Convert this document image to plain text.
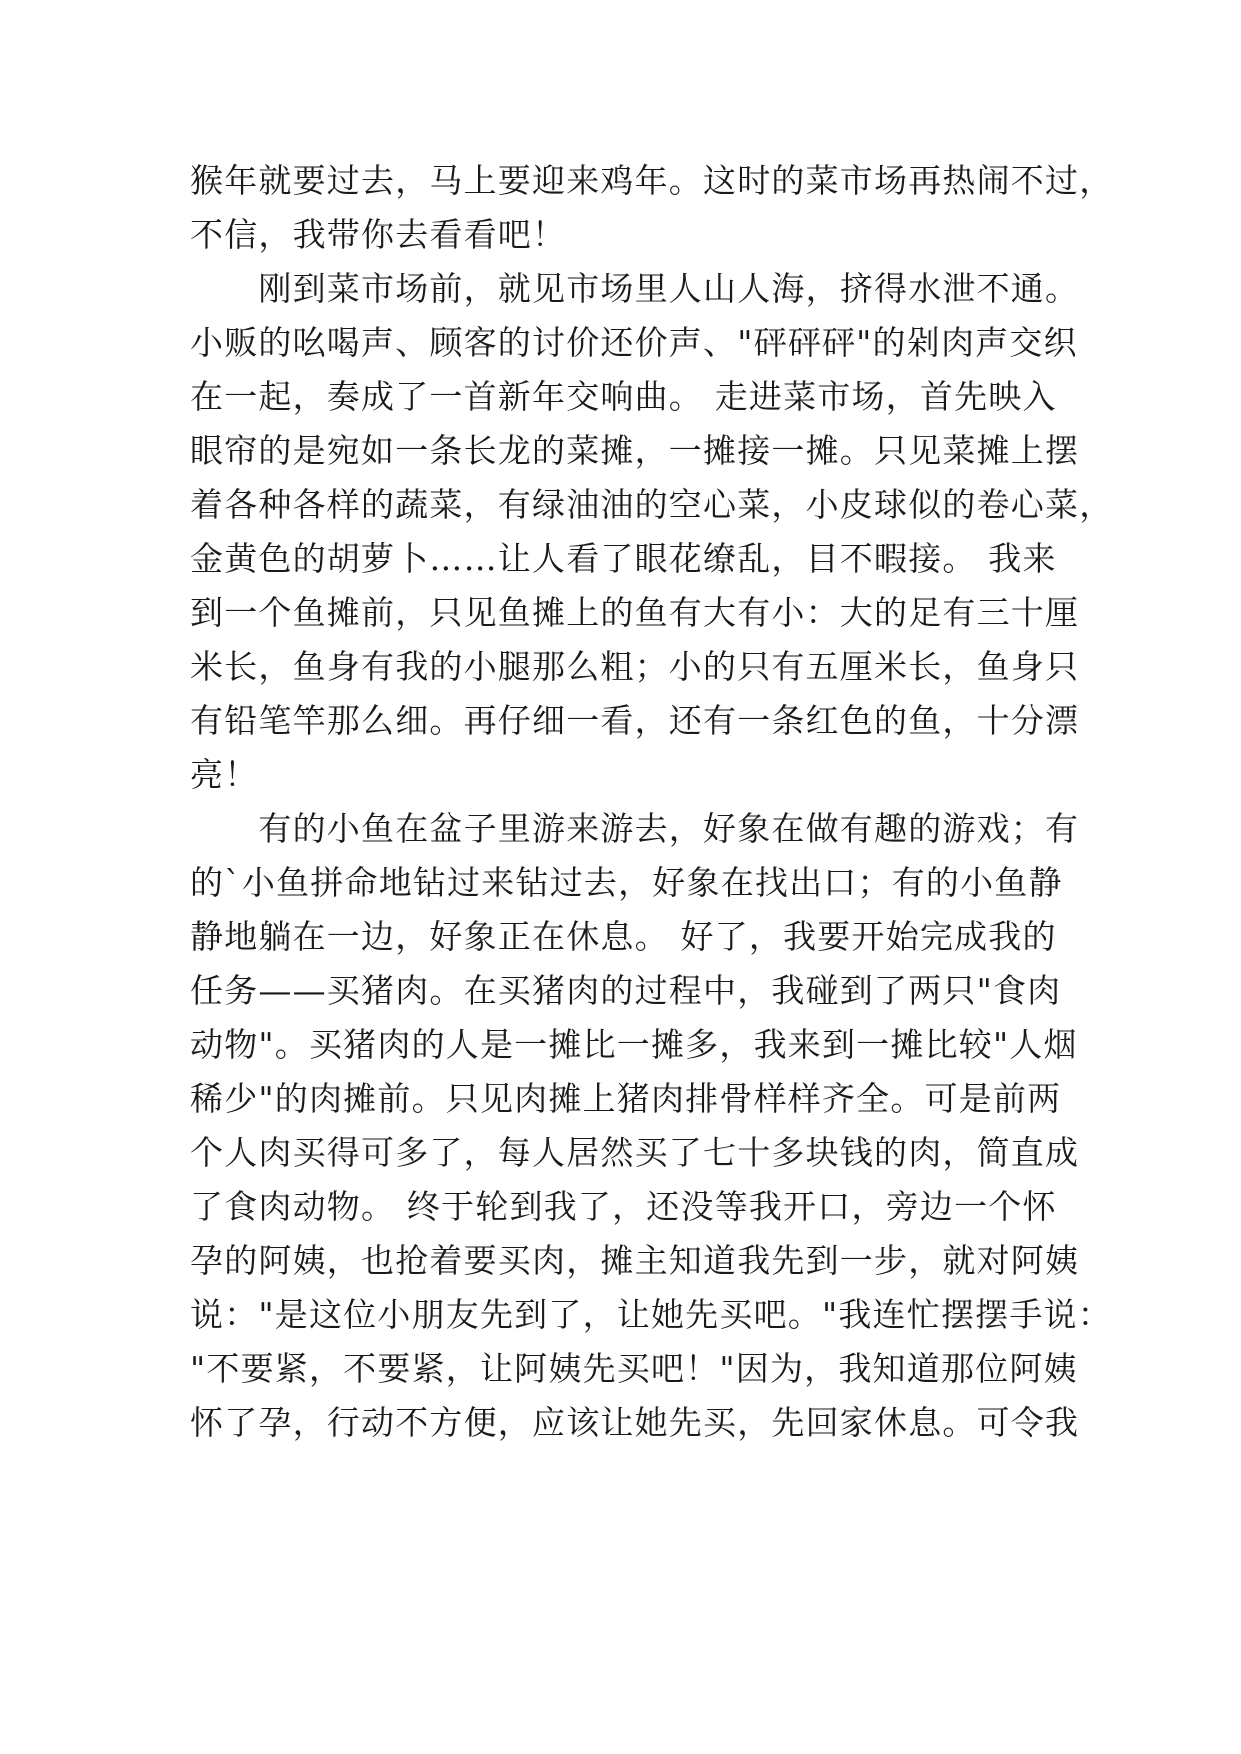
猴年就要过去，马上要迎来鸡年。这时的菜市场再热闹不过，
不信，我带你去看看吧！
　　刚到菜市场前，就见市场里人山人海，挤得水泄不通。
小贩的吆喝声、顾客的讨价还价声、"砰砰砰"的剁肉声交织
在一起，奏成了一首新年交响曲。 走进菜市场，首先映入
眼帘的是宛如一条长龙的菜摊，一摊接一摊。只见菜摊上摆
着各种各样的蔬菜，有绿油油的空心菜，小皮球似的卷心菜，
金黄色的胡萝卜……让人看了眼花缭乱，目不暇接。 我来
到一个鱼摊前，只见鱼摊上的鱼有大有小：大的足有三十厘
米长，鱼身有我的小腿那么粗；小的只有五厘米长，鱼身只
有铅笔竿那么细。再仔细一看，还有一条红色的鱼，十分漂
亮！
　　有的小鱼在盆子里游来游去，好象在做有趣的游戏；有
的`小鱼拼命地钻过来钻过去，好象在找出口；有的小鱼静
静地躺在一边，好象正在休息。 好了，我要开始完成我的
任务——买猪肉。在买猪肉的过程中，我碰到了两只"食肉
动物"。买猪肉的人是一摊比一摊多，我来到一摊比较"人烟
稀少"的肉摊前。只见肉摊上猪肉排骨样样齐全。可是前两
个人肉买得可多了，每人居然买了七十多块钱的肉，简直成
了食肉动物。 终于轮到我了，还没等我开口，旁边一个怀
孕的阿姨，也抢着要买肉，摊主知道我先到一步，就对阿姨
说："是这位小朋友先到了，让她先买吧。"我连忙摆摆手说：
"不要紧，不要紧，让阿姨先买吧！"因为，我知道那位阿姨
怀了孕，行动不方便，应该让她先买，先回家休息。可令我
